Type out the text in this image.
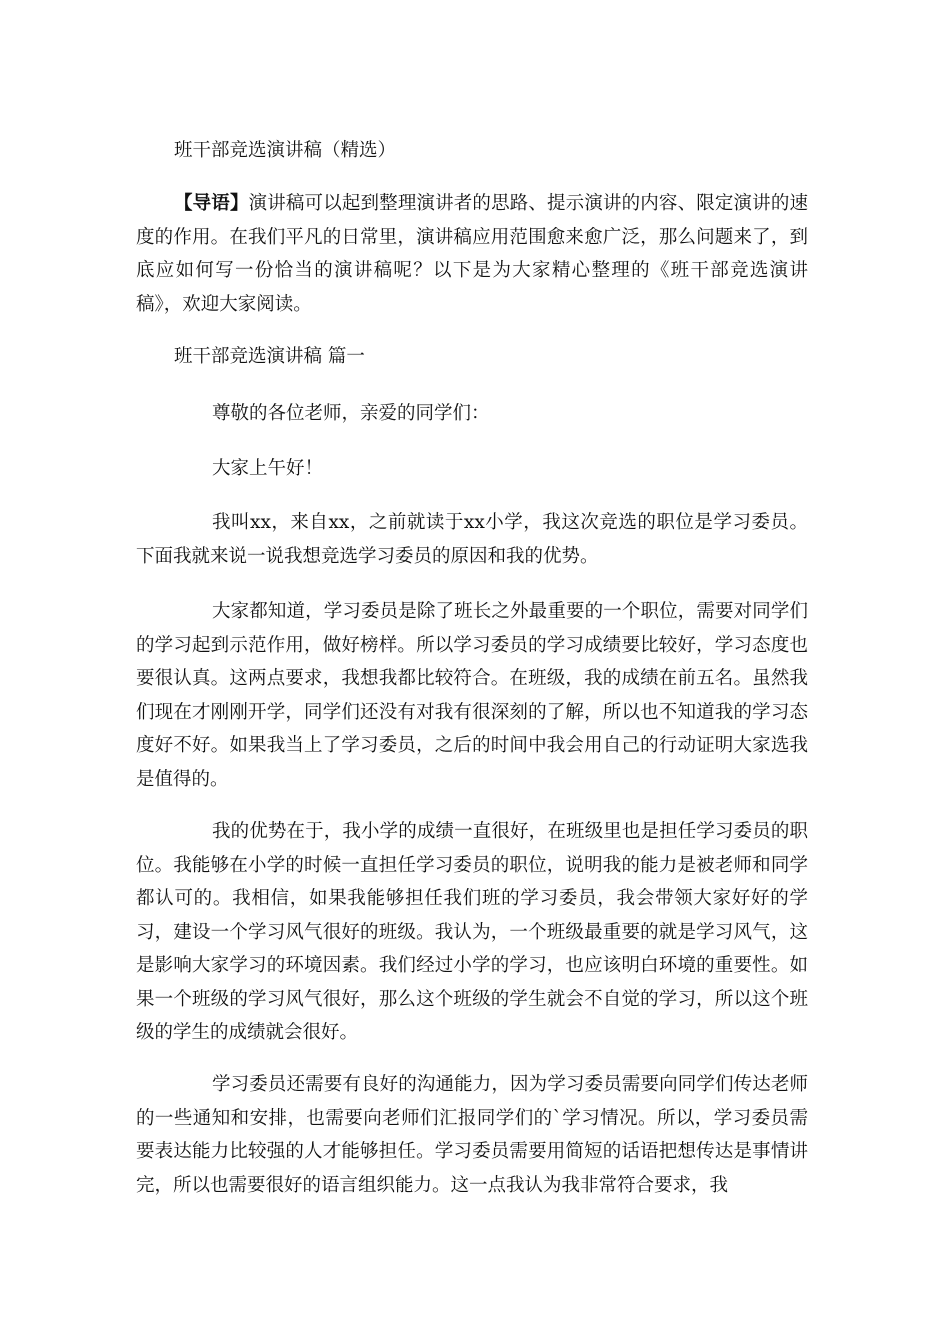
班干部竞选演讲稿（精选）

【导语】演讲稿可以起到整理演讲者的思路、提示演讲的内容、限定演讲的速度的作用。在我们平凡的日常里，演讲稿应用范围愈来愈广泛，那么问题来了，到底应如何写一份恰当的演讲稿呢？以下是为大家精心整理的《班干部竞选演讲稿》，欢迎大家阅读。

班干部竞选演讲稿 篇一

尊敬的各位老师，亲爱的同学们：

大家上午好！

我叫xx，来自xx，之前就读于xx小学，我这次竞选的职位是学习委员。下面我就来说一说我想竞选学习委员的原因和我的优势。

大家都知道，学习委员是除了班长之外最重要的一个职位，需要对同学们的学习起到示范作用，做好榜样。所以学习委员的学习成绩要比较好，学习态度也要很认真。这两点要求，我想我都比较符合。在班级，我的成绩在前五名。虽然我们现在才刚刚开学，同学们还没有对我有很深刻的了解，所以也不知道我的学习态度好不好。如果我当上了学习委员，之后的时间中我会用自己的行动证明大家选我是值得的。

我的优势在于，我小学的成绩一直很好，在班级里也是担任学习委员的职位。我能够在小学的时候一直担任学习委员的职位，说明我的能力是被老师和同学都认可的。我相信，如果我能够担任我们班的学习委员，我会带领大家好好的学习，建设一个学习风气很好的班级。我认为，一个班级最重要的就是学习风气，这是影响大家学习的环境因素。我们经过小学的学习，也应该明白环境的重要性。如果一个班级的学习风气很好，那么这个班级的学生就会不自觉的学习，所以这个班级的学生的成绩就会很好。

学习委员还需要有良好的沟通能力，因为学习委员需要向同学们传达老师的一些通知和安排，也需要向老师们汇报同学们的`学习情况。所以，学习委员需要表达能力比较强的人才能够担任。学习委员需要用简短的话语把想传达是事情讲完，所以也需要很好的语言组织能力。这一点我认为我非常符合要求，我
